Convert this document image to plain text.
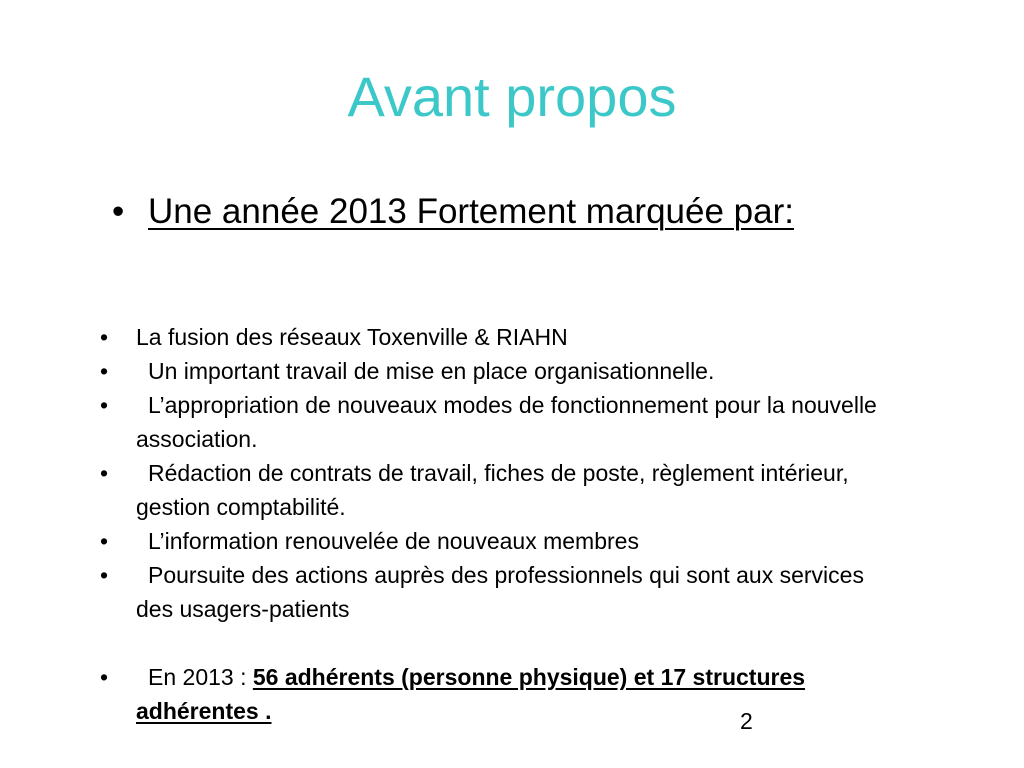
Avant propos
• Une année 2013 Fortement marquée par:
•	La fusion des réseaux Toxenville & RIAHN
•	Un important travail de mise en place organisationnelle.
•	L’appropriation de nouveaux modes de fonctionnement pour la nouvelle association.
•	Rédaction de contrats de travail, fiches de poste, règlement intérieur, gestion comptabilité.
•	L’information renouvelée de nouveaux membres
•	Poursuite des actions auprès des professionnels qui sont aux services des usagers-patients
•	En 2013 : 56 adhérents (personne physique) et 17 structures adhérentes .	2
